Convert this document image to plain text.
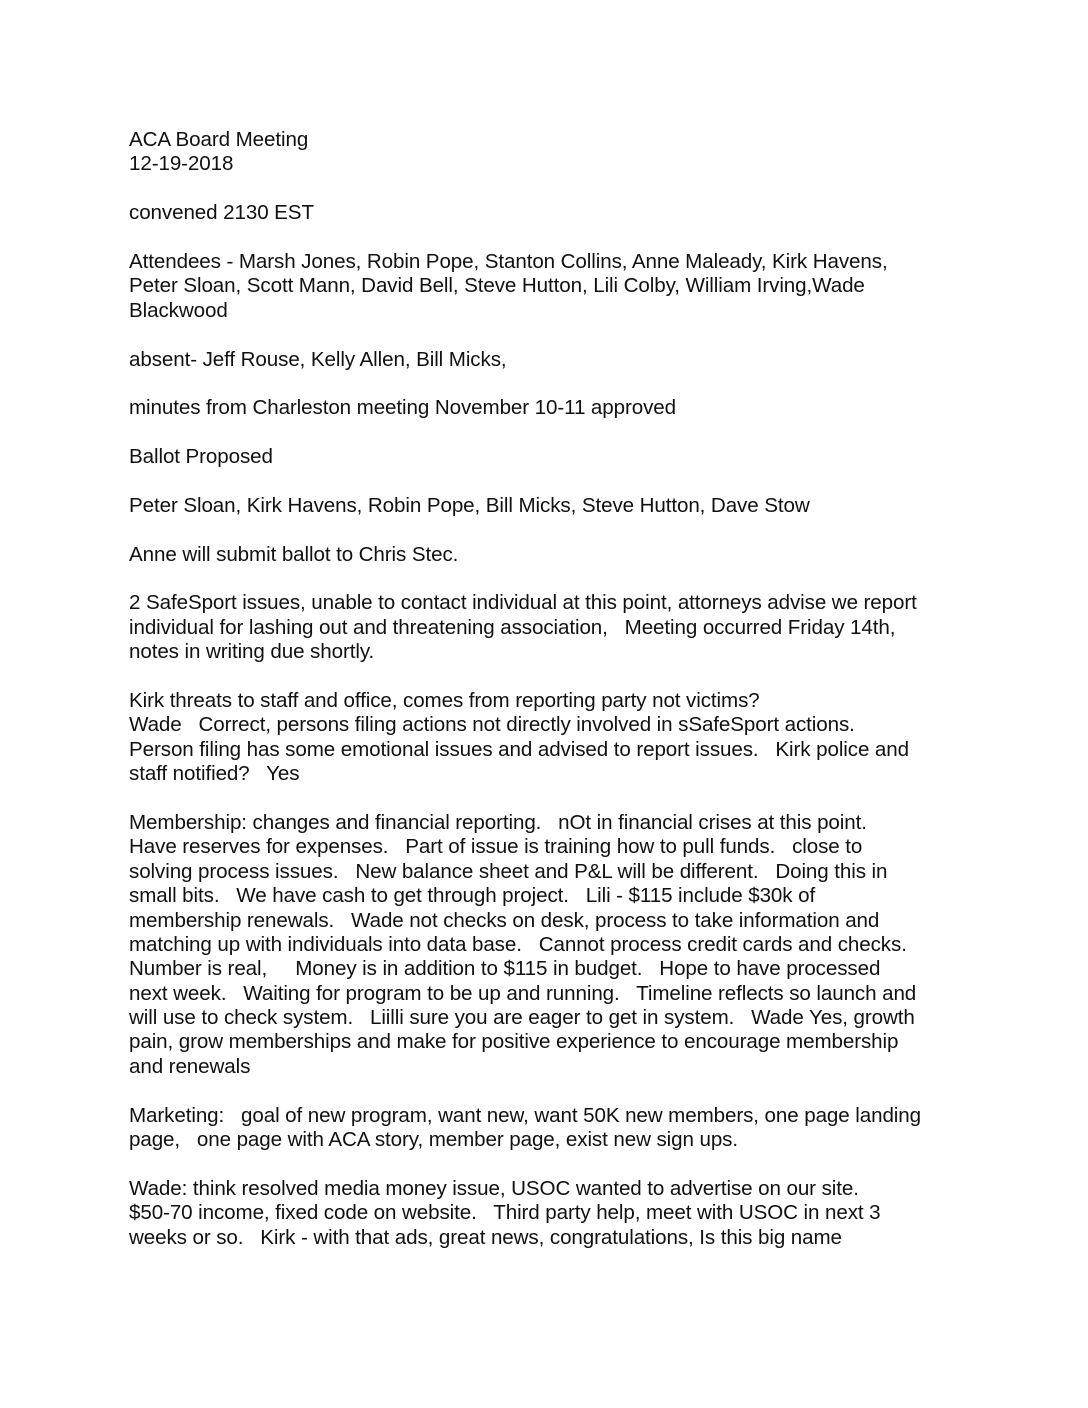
ACA Board Meeting

12-19-2018

convened 2130 EST

Attendees - Marsh Jones, Robin Pope, Stanton Collins, Anne Maleady, Kirk Havens,

Peter Sloan, Scott Mann, David Bell, Steve Hutton, Lili Colby, William Irving,Wade

Blackwood

absent- Jeff Rouse, Kelly Allen, Bill Micks,

minutes from Charleston meeting November 10-11 approved

Ballot Proposed

Peter Sloan, Kirk Havens, Robin Pope, Bill Micks, Steve Hutton, Dave Stow

Anne will submit ballot to Chris Stec.

2 SafeSport issues, unable to contact individual at this point, attorneys advise we report

individual for lashing out and threatening association,   Meeting occurred Friday 14th,

notes in writing due shortly.

Kirk threats to staff and office, comes from reporting party not victims?

Wade   Correct, persons filing actions not directly involved in sSafeSport actions.

Person filing has some emotional issues and advised to report issues.   Kirk police and

staff notified?   Yes

Membership: changes and financial reporting.   nOt in financial crises at this point.

Have reserves for expenses.   Part of issue is training how to pull funds.   close to

solving process issues.   New balance sheet and P&L will be different.   Doing this in

small bits.   We have cash to get through project.   Lili - $115 include $30k of

membership renewals.   Wade not checks on desk, process to take information and

matching up with individuals into data base.   Cannot process credit cards and checks.

Number is real,     Money is in addition to $115 in budget.   Hope to have processed

next week.   Waiting for program to be up and running.   Timeline reflects so launch and

will use to check system.   Liilli sure you are eager to get in system.   Wade Yes, growth

pain, grow memberships and make for positive experience to encourage membership

and renewals

Marketing:   goal of new program, want new, want 50K new members, one page landing

page,   one page with ACA story, member page, exist new sign ups.

Wade: think resolved media money issue, USOC wanted to advertise on our site.

$50-70 income, fixed code on website.   Third party help, meet with USOC in next 3

weeks or so.   Kirk - with that ads, great news, congratulations, Is this big name
